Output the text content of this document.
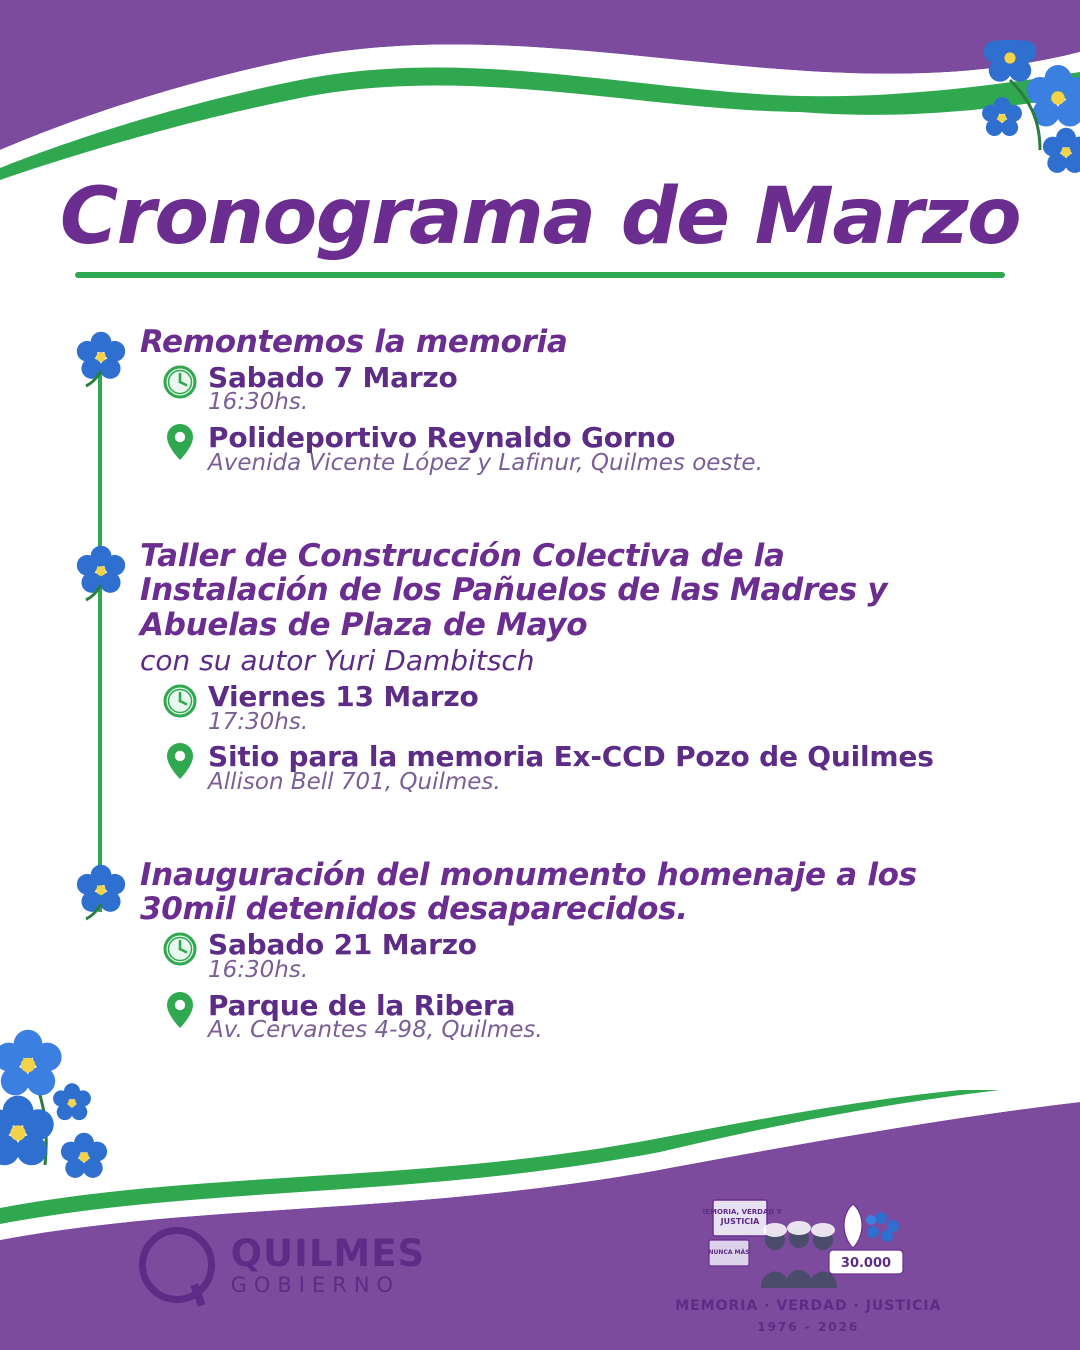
Cronograma de Marzo
Remontemos la memoria
Sabado 7 Marzo
16:30hs.
Polideportivo Reynaldo Gorno
Avenida Vicente López y Lafinur, Quilmes oeste.
Taller de Construcción Colectiva de la Instalación de los Pañuelos de las Madres y Abuelas de Plaza de Mayo

con su autor Yuri Dambitsch

Viernes 13 Marzo
17:30hs.
Sitio para la memoria Ex-CCD Pozo de Quilmes
Allison Bell 701, Quilmes.
Inauguración del monumento homenaje a los 30mil detenidos desaparecidos.
Sabado 21 Marzo
16:30hs.
Parque de la Ribera
Av. Cervantes 4-98, Quilmes.
QUILMES
GOBIERNO
MEMORIA, VERDAD Y
JUSTICIA
NUNCA MÁS
30.000
MEMORIA · VERDAD · JUSTICIA
1976 - 2026
